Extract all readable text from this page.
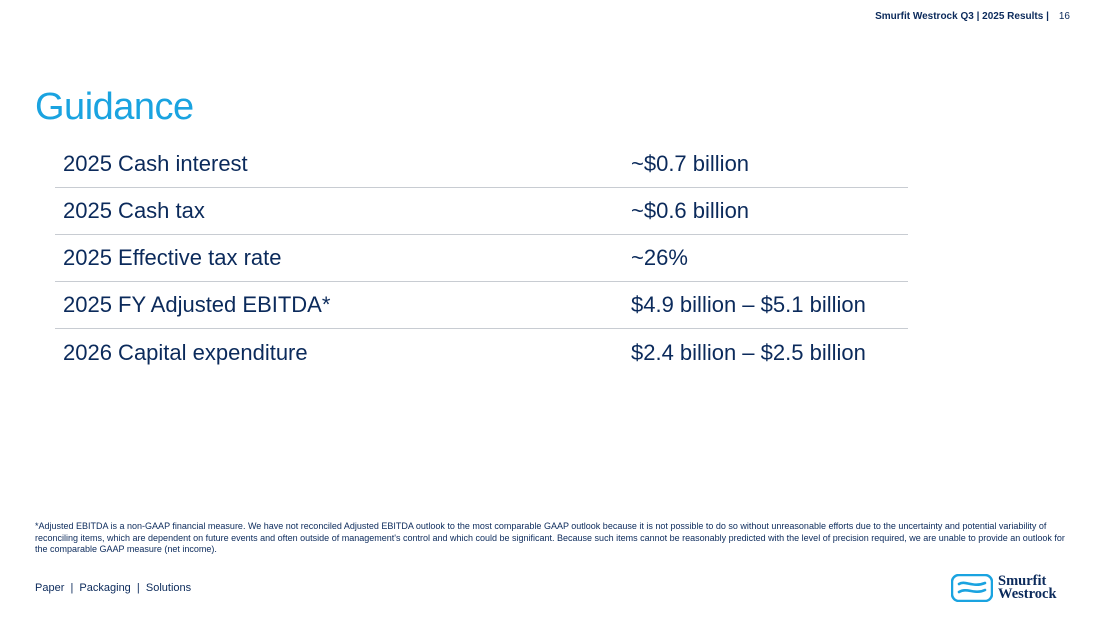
Smurfit Westrock Q3 | 2025 Results | 16
Guidance
2025 Cash interest	~$0.7 billion
2025 Cash tax	~$0.6 billion
2025 Effective tax rate	~26%
2025 FY Adjusted EBITDA*	$4.9 billion – $5.1 billion
2026 Capital expenditure	$2.4 billion – $2.5 billion
*Adjusted EBITDA is a non-GAAP financial measure. We have not reconciled Adjusted EBITDA outlook to the most comparable GAAP outlook because it is not possible to do so without unreasonable efforts due to the uncertainty and potential variability of reconciling items, which are dependent on future events and often outside of management's control and which could be significant. Because such items cannot be reasonably predicted with the level of precision required, we are unable to provide an outlook for the comparable GAAP measure (net income).
Paper  |  Packaging  |  Solutions	Smurfit
Westrock
